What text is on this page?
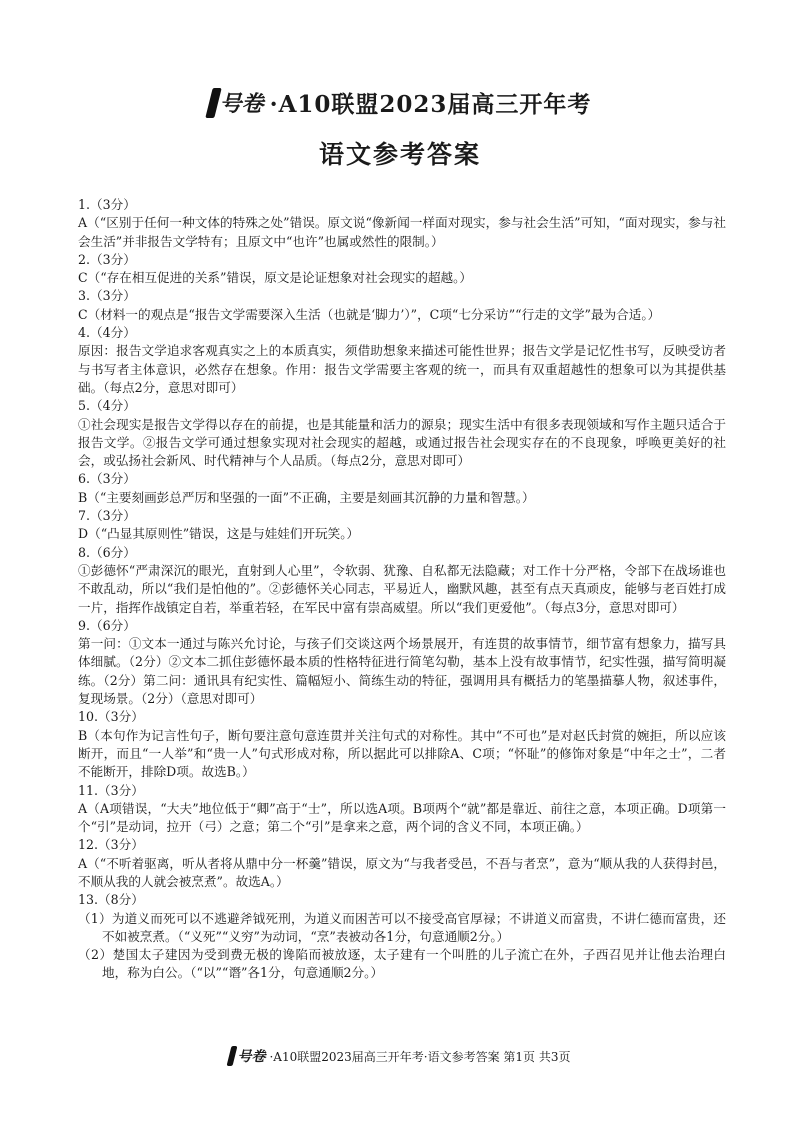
号卷 ·A10联盟2023届高三开年考
语文参考答案

1.（3分）

A（“区别于任何一种文体的特殊之处”错误。原文说“像新闻一样面对现实，参与社会生活”可知，“面对现实，参与社会生活”并非报告文学特有；且原文中“也许”也属或然性的限制。）

2.（3分）

C（“存在相互促进的关系”错误，原文是论证想象对社会现实的超越。）

3.（3分）

C（材料一的观点是“报告文学需要深入生活（也就是‘脚力’）”，C项“七分采访”“行走的文学”最为合适。）

4.（4分）

原因：报告文学追求客观真实之上的本质真实，须借助想象来描述可能性世界；报告文学是记忆性书写，反映受访者与书写者主体意识，必然存在想象。作用：报告文学需要主客观的统一，而具有双重超越性的想象可以为其提供基础。（每点2分，意思对即可）

5.（4分）

①社会现实是报告文学得以存在的前提，也是其能量和活力的源泉；现实生活中有很多表现领域和写作主题只适合于报告文学。②报告文学可通过想象实现对社会现实的超越，或通过报告社会现实存在的不良现象，呼唤更美好的社会，或弘扬社会新风、时代精神与个人品质。（每点2分，意思对即可）

6.（3分）

B（“主要刻画彭总严厉和坚强的一面”不正确，主要是刻画其沉静的力量和智慧。）

7.（3分）

D（“凸显其原则性”错误，这是与娃娃们开玩笑。）

8.（6分）

①彭德怀“严肃深沉的眼光，直射到人心里”，令软弱、犹豫、自私都无法隐藏；对工作十分严格，令部下在战场谁也不敢乱动，所以“我们是怕他的”。②彭德怀关心同志，平易近人，幽默风趣，甚至有点天真顽皮，能够与老百姓打成一片，指挥作战镇定自若，举重若轻，在军民中富有崇高威望。所以“我们更爱他”。（每点3分，意思对即可）

9.（6分）

第一问：①文本一通过与陈兴允讨论，与孩子们交谈这两个场景展开，有连贯的故事情节，细节富有想象力，描写具体细腻。（2分）②文本二抓住彭德怀最本质的性格特征进行简笔勾勒，基本上没有故事情节，纪实性强，描写简明凝练。（2分）第二问：通讯具有纪实性、篇幅短小、简练生动的特征，强调用具有概括力的笔墨描摹人物，叙述事件，复现场景。（2分）（意思对即可）

10.（3分）

B（本句作为记言性句子，断句要注意句意连贯并关注句式的对称性。其中“不可也”是对赵氏封赏的婉拒，所以应该断开，而且“一人举”和“贵一人”句式形成对称，所以据此可以排除A、C项；“怀耻”的修饰对象是“中年之士”，二者不能断开，排除D项。故选B。）

11.（3分）

A（A项错误，“大夫”地位低于“卿”高于“士”，所以选A项。B项两个“就”都是靠近、前往之意，本项正确。D项第一个“引”是动词，拉开（弓）之意；第二个“引”是拿来之意，两个词的含义不同，本项正确。）

12.（3分）

A（“不听着驱离，听从者将从鼎中分一杯羹”错误，原文为“与我者受邑，不吾与者烹”，意为“顺从我的人获得封邑，不顺从我的人就会被烹煮”。故选A。）

13.（8分）

（1）为道义而死可以不逃避斧钺死刑，为道义而困苦可以不接受高官厚禄；不讲道义而富贵，不讲仁德而富贵，还不如被烹煮。（“义死”“义穷”为动词，“烹”表被动各1分，句意通顺2分。）

（2）楚国太子建因为受到费无极的谗陷而被放逐，太子建有一个叫胜的儿子流亡在外，子西召见并让他去治理白地，称为白公。（“以”“谮”各1分，句意通顺2分。）

号卷 ·A10联盟2023届高三开年考·语文参考答案 第1页 共3页
